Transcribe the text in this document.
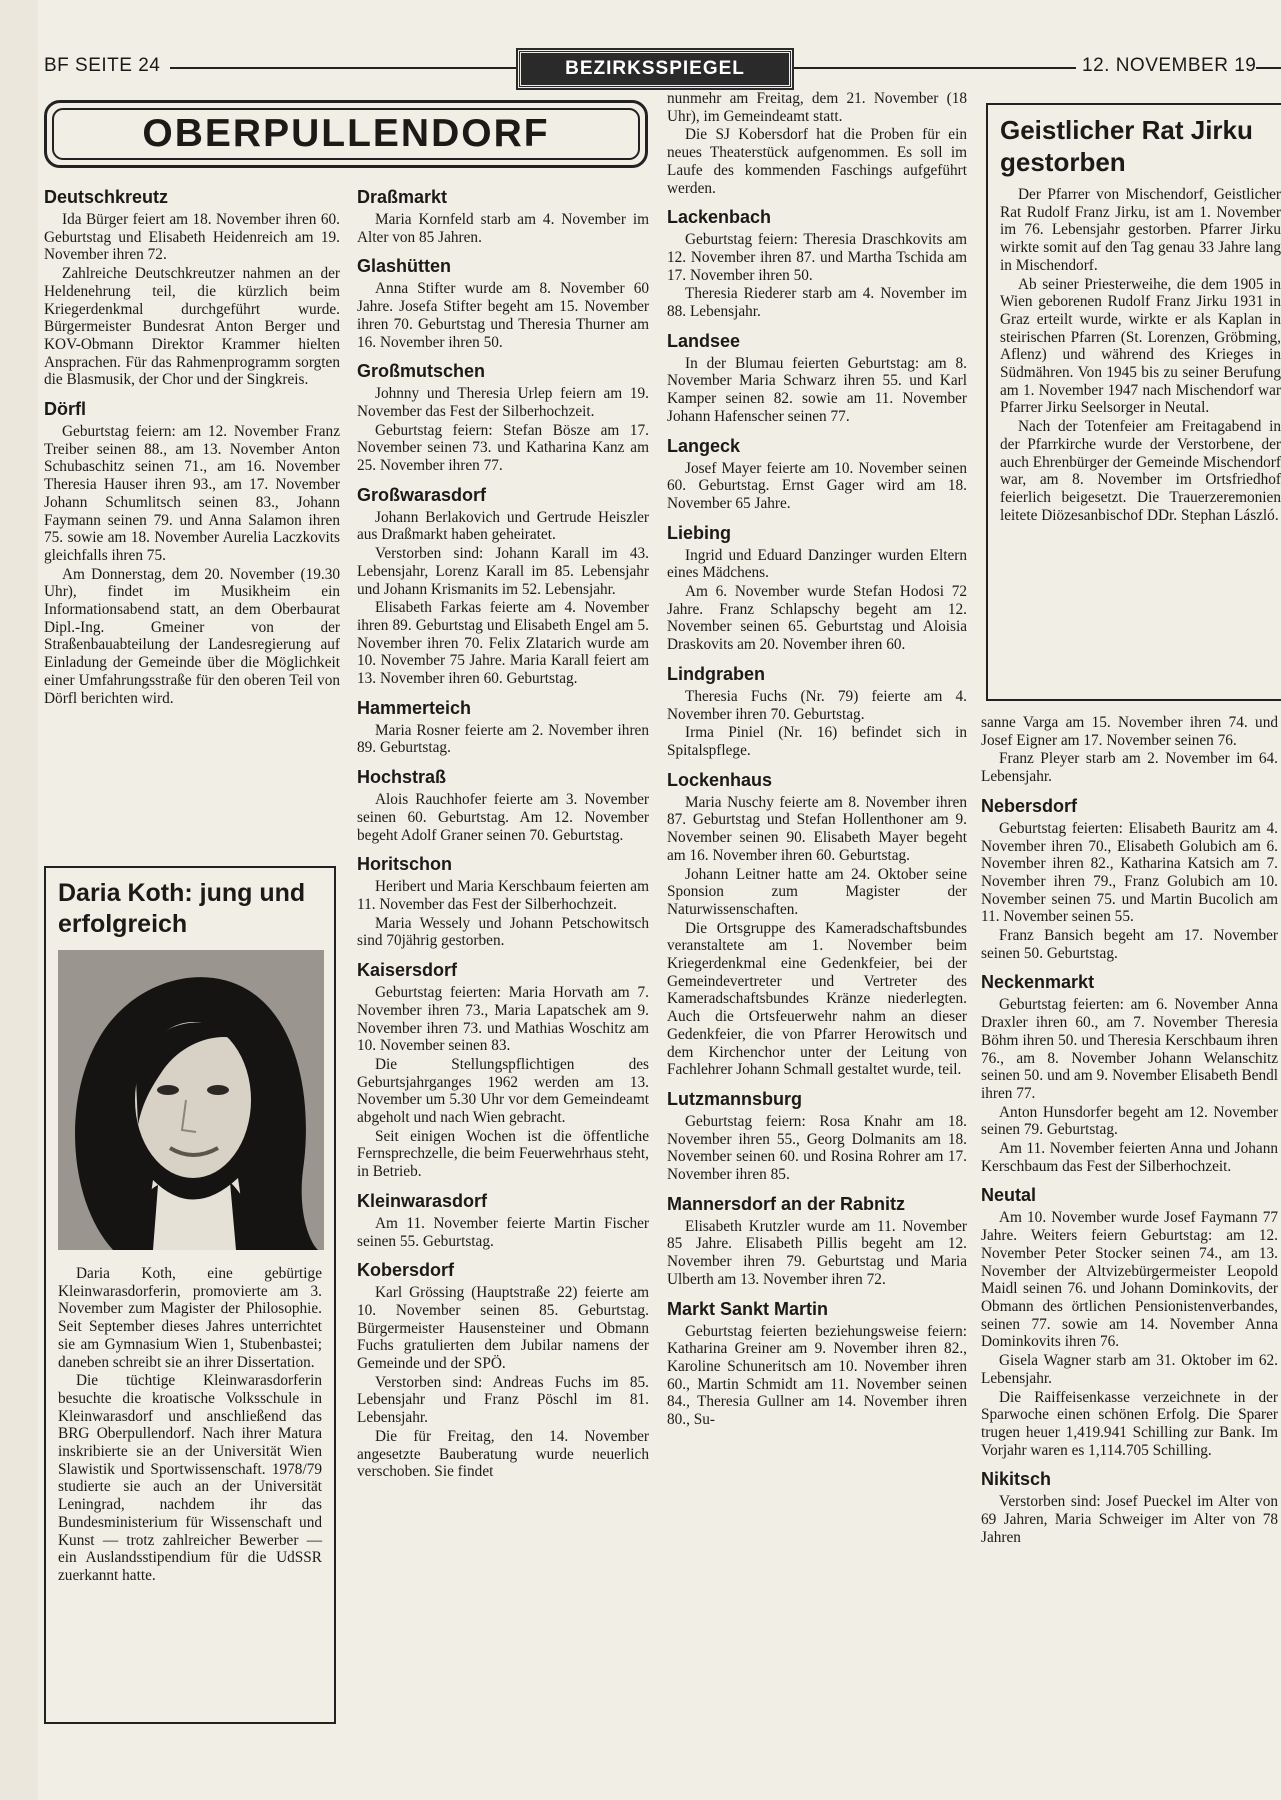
BF SEITE 24	BEZIRKSSPIEGEL	12. NOVEMBER 19
OBERPULLENDORF
Deutschkreutz

Ida Bürger feiert am 18. November ihren 60. Geburtstag und Elisabeth Heidenreich am 19. November ihren 72.

Zahlreiche Deutschkreutzer nahmen an der Heldenehrung teil, die kürzlich beim Kriegerdenkmal durchgeführt wurde. Bürgermeister Bundesrat Anton Berger und KOV-Obmann Direktor Krammer hielten Ansprachen. Für das Rahmenprogramm sorgten die Blasmusik, der Chor und der Singkreis.

Dörfl

Geburtstag feiern: am 12. November Franz Treiber seinen 88., am 13. November Anton Schubaschitz seinen 71., am 16. November Theresia Hauser ihren 93., am 17. November Johann Schumlitsch seinen 83., Johann Faymann seinen 79. und Anna Salamon ihren 75. sowie am 18. November Aurelia Laczkovits gleichfalls ihren 75.

Am Donnerstag, dem 20. November (19.30 Uhr), findet im Musikheim ein Informationsabend statt, an dem Oberbaurat Dipl.-Ing. Gmeiner von der Straßenbauabteilung der Landesregierung auf Einladung der Gemeinde über die Möglichkeit einer Umfahrungsstraße für den oberen Teil von Dörfl berichten wird.

Daria Koth: jung und erfolgreich

Daria Koth, eine gebürtige Kleinwarasdorferin, promovierte am 3. November zum Magister der Philosophie. Seit September dieses Jahres unterrichtet sie am Gymnasium Wien 1, Stubenbastei; daneben schreibt sie an ihrer Dissertation.

Die tüchtige Kleinwarasdorferin besuchte die kroatische Volksschule in Kleinwarasdorf und anschließend das BRG Oberpullendorf. Nach ihrer Matura inskribierte sie an der Universität Wien Slawistik und Sportwissenschaft. 1978/79 studierte sie auch an der Universität Leningrad, nachdem ihr das Bundesministerium für Wissenschaft und Kunst — trotz zahlreicher Bewerber — ein Auslandsstipendium für die UdSSR zuerkannt hatte.

Draßmarkt

Maria Kornfeld starb am 4. November im Alter von 85 Jahren.

Glashütten

Anna Stifter wurde am 8. November 60 Jahre. Josefa Stifter begeht am 15. November ihren 70. Geburtstag und Theresia Thurner am 16. November ihren 50.

Großmutschen

Johnny und Theresia Urlep feiern am 19. November das Fest der Silberhochzeit.

Geburtstag feiern: Stefan Bösze am 17. November seinen 73. und Katharina Kanz am 25. November ihren 77.

Großwarasdorf

Johann Berlakovich und Gertrude Heiszler aus Draßmarkt haben geheiratet.

Verstorben sind: Johann Karall im 43. Lebensjahr, Lorenz Karall im 85. Lebensjahr und Johann Krismanits im 52. Lebensjahr.

Elisabeth Farkas feierte am 4. November ihren 89. Geburtstag und Elisabeth Engel am 5. November ihren 70. Felix Zlatarich wurde am 10. November 75 Jahre. Maria Karall feiert am 13. November ihren 60. Geburtstag.

Hammerteich

Maria Rosner feierte am 2. November ihren 89. Geburtstag.

Hochstraß

Alois Rauchhofer feierte am 3. November seinen 60. Geburtstag. Am 12. November begeht Adolf Graner seinen 70. Geburtstag.

Horitschon

Heribert und Maria Kerschbaum feierten am 11. November das Fest der Silberhochzeit.

Maria Wessely und Johann Petschowitsch sind 70jährig gestorben.

Kaisersdorf

Geburtstag feierten: Maria Horvath am 7. November ihren 73., Maria Lapatschek am 9. November ihren 73. und Mathias Woschitz am 10. November seinen 83.

Die Stellungspflichtigen des Geburtsjahrganges 1962 werden am 13. November um 5.30 Uhr vor dem Gemeindeamt abgeholt und nach Wien gebracht.

Seit einigen Wochen ist die öffentliche Fernsprechzelle, die beim Feuerwehrhaus steht, in Betrieb.

Kleinwarasdorf

Am 11. November feierte Martin Fischer seinen 55. Geburtstag.

Kobersdorf

Karl Grössing (Hauptstraße 22) feierte am 10. November seinen 85. Geburtstag. Bürgermeister Hausensteiner und Obmann Fuchs gratulierten dem Jubilar namens der Gemeinde und der SPÖ.

Verstorben sind: Andreas Fuchs im 85. Lebensjahr und Franz Pöschl im 81. Lebensjahr.

Die für Freitag, den 14. November angesetzte Bauberatung wurde neuerlich verschoben. Sie findet

nunmehr am Freitag, dem 21. November (18 Uhr), im Gemeindeamt statt.

Die SJ Kobersdorf hat die Proben für ein neues Theaterstück aufgenommen. Es soll im Laufe des kommenden Faschings aufgeführt werden.

Lackenbach

Geburtstag feiern: Theresia Draschkovits am 12. November ihren 87. und Martha Tschida am 17. November ihren 50.

Theresia Riederer starb am 4. November im 88. Lebensjahr.

Landsee

In der Blumau feierten Geburtstag: am 8. November Maria Schwarz ihren 55. und Karl Kamper seinen 82. sowie am 11. November Johann Hafenscher seinen 77.

Langeck

Josef Mayer feierte am 10. November seinen 60. Geburtstag. Ernst Gager wird am 18. November 65 Jahre.

Liebing

Ingrid und Eduard Danzinger wurden Eltern eines Mädchens.

Am 6. November wurde Stefan Hodosi 72 Jahre. Franz Schlapschy begeht am 12. November seinen 65. Geburtstag und Aloisia Draskovits am 20. November ihren 60.

Lindgraben

Theresia Fuchs (Nr. 79) feierte am 4. November ihren 70. Geburtstag.

Irma Piniel (Nr. 16) befindet sich in Spitalspflege.

Lockenhaus

Maria Nuschy feierte am 8. November ihren 87. Geburtstag und Stefan Hollenthoner am 9. November seinen 90. Elisabeth Mayer begeht am 16. November ihren 60. Geburtstag.

Johann Leitner hatte am 24. Oktober seine Sponsion zum Magister der Naturwissenschaften.

Die Ortsgruppe des Kameradschaftsbundes veranstaltete am 1. November beim Kriegerdenkmal eine Gedenkfeier, bei der Gemeindevertreter und Vertreter des Kameradschaftsbundes Kränze niederlegten. Auch die Ortsfeuerwehr nahm an dieser Gedenkfeier, die von Pfarrer Herowitsch und dem Kirchenchor unter der Leitung von Fachlehrer Johann Schmall gestaltet wurde, teil.

Lutzmannsburg

Geburtstag feiern: Rosa Knahr am 18. November ihren 55., Georg Dolmanits am 18. November seinen 60. und Rosina Rohrer am 17. November ihren 85.

Mannersdorf an der Rabnitz

Elisabeth Krutzler wurde am 11. November 85 Jahre. Elisabeth Pillis begeht am 12. November ihren 79. Geburtstag und Maria Ulberth am 13. November ihren 72.

Markt Sankt Martin

Geburtstag feierten beziehungsweise feiern: Katharina Greiner am 9. November ihren 82., Karoline Schuneritsch am 10. November ihren 60., Martin Schmidt am 11. November seinen 84., Theresia Gullner am 14. November ihren 80., Su-

Geistlicher Rat Jirku gestorben

Der Pfarrer von Mischendorf, Geistlicher Rat Rudolf Franz Jirku, ist am 1. November im 76. Lebensjahr gestorben. Pfarrer Jirku wirkte somit auf den Tag genau 33 Jahre lang in Mischendorf.

Ab seiner Priesterweihe, die dem 1905 in Wien geborenen Rudolf Franz Jirku 1931 in Graz erteilt wurde, wirkte er als Kaplan in steirischen Pfarren (St. Lorenzen, Gröbming, Aflenz) und während des Krieges in Südmähren. Von 1945 bis zu seiner Berufung am 1. November 1947 nach Mischendorf war Pfarrer Jirku Seelsorger in Neutal.

Nach der Totenfeier am Freitagabend in der Pfarrkirche wurde der Verstorbene, der auch Ehrenbürger der Gemeinde Mischendorf war, am 8. November im Ortsfriedhof feierlich beigesetzt. Die Trauerzeremonien leitete Diözesanbischof DDr. Stephan László.

sanne Varga am 15. November ihren 74. und Josef Eigner am 17. November seinen 76.

Franz Pleyer starb am 2. November im 64. Lebensjahr.

Nebersdorf

Geburtstag feierten: Elisabeth Bauritz am 4. November ihren 70., Elisabeth Golubich am 6. November ihren 82., Katharina Katsich am 7. November ihren 79., Franz Golubich am 10. November seinen 75. und Martin Bucolich am 11. November seinen 55.

Franz Bansich begeht am 17. November seinen 50. Geburtstag.

Neckenmarkt

Geburtstag feierten: am 6. November Anna Draxler ihren 60., am 7. November Theresia Böhm ihren 50. und Theresia Kerschbaum ihren 76., am 8. November Johann Welanschitz seinen 50. und am 9. November Elisabeth Bendl ihren 77.

Anton Hunsdorfer begeht am 12. November seinen 79. Geburtstag.

Am 11. November feierten Anna und Johann Kerschbaum das Fest der Silberhochzeit.

Neutal

Am 10. November wurde Josef Faymann 77 Jahre. Weiters feiern Geburtstag: am 12. November Peter Stocker seinen 74., am 13. November der Altvizebürgermeister Leopold Maidl seinen 76. und Johann Dominkovits, der Obmann des örtlichen Pensionistenverbandes, seinen 77. sowie am 14. November Anna Dominkovits ihren 76.

Gisela Wagner starb am 31. Oktober im 62. Lebensjahr.

Die Raiffeisenkasse verzeichnete in der Sparwoche einen schönen Erfolg. Die Sparer trugen heuer 1,419.941 Schilling zur Bank. Im Vorjahr waren es 1,114.705 Schilling.

Nikitsch

Verstorben sind: Josef Pueckel im Alter von 69 Jahren, Maria Schweiger im Alter von 78 Jahren
